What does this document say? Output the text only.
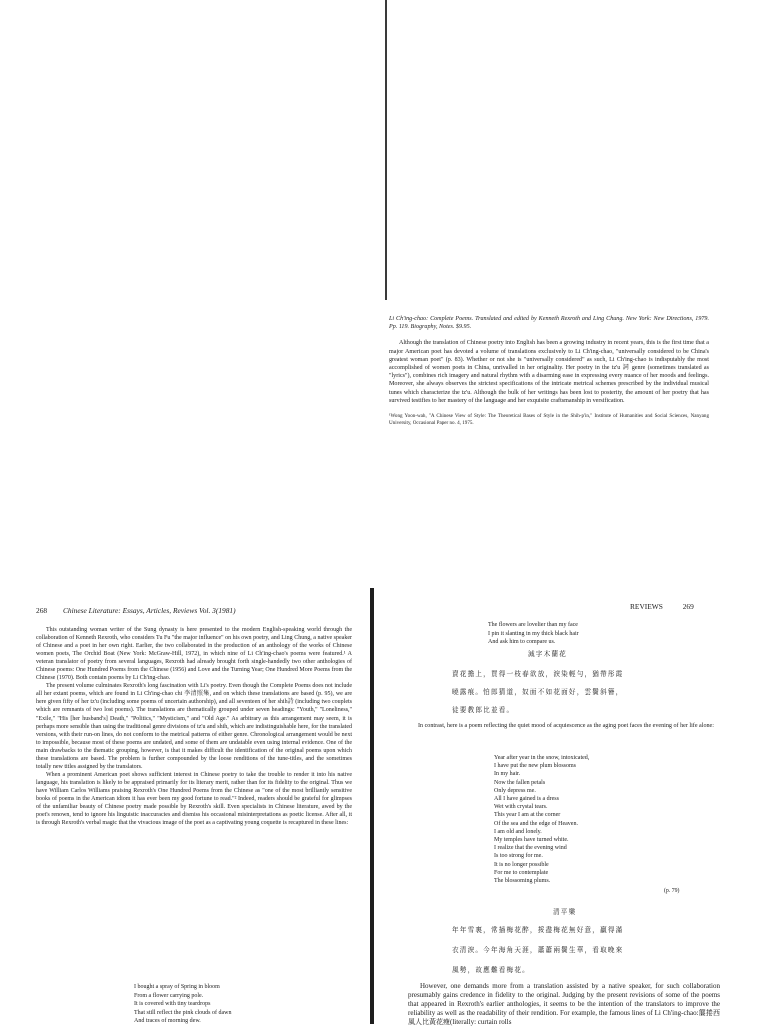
Li Ch'ing-chao: Complete Poems. Translated and edited by Kenneth Rexroth and Ling Chung. New York: New Directions, 1979. Pp. 119. Biography, Notes. $9.95.

Although the translation of Chinese poetry into English has been a growing industry in recent years, this is the first time that a major American poet has devoted a volume of translations exclusively to Li Ch'ing-chao, "universally considered to be China's greatest woman poet" (p. 83). Whether or not she is "universally considered" as such, Li Ch'ing-chao is indisputably the most accomplished of women poets in China, unrivalled in her originality. Her poetry in the tz'u 詞 genre (sometimes translated as "lyrics"), combines rich imagery and natural rhythm with a disarming ease in expressing every nuance of her moods and feelings. Moreover, she always observes the strictest specifications of the intricate metrical schemes prescribed by the individual musical tunes which characterize the tz'u. Although the bulk of her writings has been lost to posterity, the amount of her poetry that has survived testifies to her mastery of the language and her exquisite craftsmanship in versification.

¹Wong Yoon-wah, "A Chinese View of Style: The Theoretical Bases of Style in the Shih-p'in," Institute of Humanities and Social Sciences, Nanyang University, Occasional Paper no. 4, 1975.

268 Chinese Literature: Essays, Articles, Reviews Vol. 3(1981)

This outstanding woman writer of the Sung dynasty is here presented to the modern English-speaking world through the collaboration of Kenneth Rexroth, who considers Tu Fu "the major influence" on his own poetry, and Ling Chung, a native speaker of Chinese and a poet in her own right. Earlier, the two collaborated in the production of an anthology of the works of Chinese women poets, The Orchid Boat (New York: McGraw-Hill, 1972), in which nine of Li Ch'ing-chao's poems were featured.¹ A veteran translator of poetry from several languages, Rexroth had already brought forth single-handedly two other anthologies of Chinese poems: One Hundred Poems from the Chinese (1956) and Love and the Turning Year; One Hundred More Poems from the Chinese (1970). Both contain poems by Li Ch'ing-chao.

The present volume culminates Rexroth's long fascination with Li's poetry. Even though the Complete Poems does not include all her extant poems, which are found in Li Ch'ing-chao chi 李清照集, and on which these translations are based (p. 95), we are here given fifty of her tz'u (including some poems of uncertain authorship), and all seventeen of her shih詩 (including two couplets which are remnants of two lost poems). The translations are thematically grouped under seven headings: "Youth," "Loneliness," "Exile," "His [her husband's] Death," "Politics," "Mysticism," and "Old Age." As arbitrary as this arrangement may seem, it is perhaps more sensible than using the traditional genre divisions of tz'u and shih, which are indistinguishable here, for the translated versions, with their run-on lines, do not conform to the metrical patterns of either genre. Chronological arrangement would be next to impossible, because most of these poems are undated, and some of them are undatable even using internal evidence. One of the main drawbacks to the thematic grouping, however, is that it makes difficult the identification of the original poems upon which these translations are based. The problem is further compounded by the loose renditions of the tune-titles, and the sometimes totally new titles assigned by the translators.

When a prominent American poet shows sufficient interest in Chinese poetry to take the trouble to render it into his native language, his translation is likely to be appraised primarily for its literary merit, rather than for its fidelity to the original. Thus we have William Carlos Williams praising Rexroth's One Hundred Poems from the Chinese as "one of the most brilliantly sensitive books of poems in the American idiom it has ever been my good fortune to read."² Indeed, readers should be grateful for glimpses of the unfamiliar beauty of Chinese poetry made possible by Rexroth's skill. Even specialists in Chinese literature, awed by the poet's renown, tend to ignore his linguistic inaccuracies and dismiss his occasional misinterpretations as poetic license. After all, it is through Rexroth's verbal magic that the vivacious image of the poet as a captivating young coquette is recaptured in these lines:

I bought a spray of Spring in bloom
From a flower carrying pole.
It is covered with tiny teardrops
That still reflect the pink clouds of dawn
And traces of morning dew.
REVIEWS	269
The flowers are lovelier than my face
I pin it slanting in my thick black hair
And ask him to compare us.
減字木蘭花
賣花擔上，買得一枝春欲放，淚染輕勻，猶帶彤霞
曉露痕。怕郎猜道，奴面不如花面好，雲鬢斜簪，
徒要教郎比並看。

In contrast, here is a poem reflecting the quiet mood of acquiescence as the aging poet faces the evening of her life alone:

Year after year in the snow, intoxicated,
I have put the new plum blossoms
In my hair.
Now the fallen petals
Only depress me.
All I have gained is a dress
Wet with crystal tears.
This year I am at the corner
Of the sea and the edge of Heaven.
I am old and lonely.
My temples have turned white.
I realize that the evening wind
Is too strong for me.
It is no longer possible
For me to contemplate
The blossoming plums.
(p. 79)
清平樂
年年雪裏，常插梅花醉，挼盡梅花無好意，贏得滿
衣清淚。今年海角天涯，蕭蕭兩鬢生華，看取晚來
風勢，故應難看梅花。

However, one demands more from a translation assisted by a native speaker, for such collaboration presumably gains credence in fidelity to the original. Judging by the present revisions of some of the poems that appeared in Rexroth's earlier anthologies, it seems to be the intention of the translators to improve the reliability as well as the readability of their rendition. For example, the famous lines of Li Ch'ing-chao:簾捲西風人比黃花瘦(literally: curtain rolls
